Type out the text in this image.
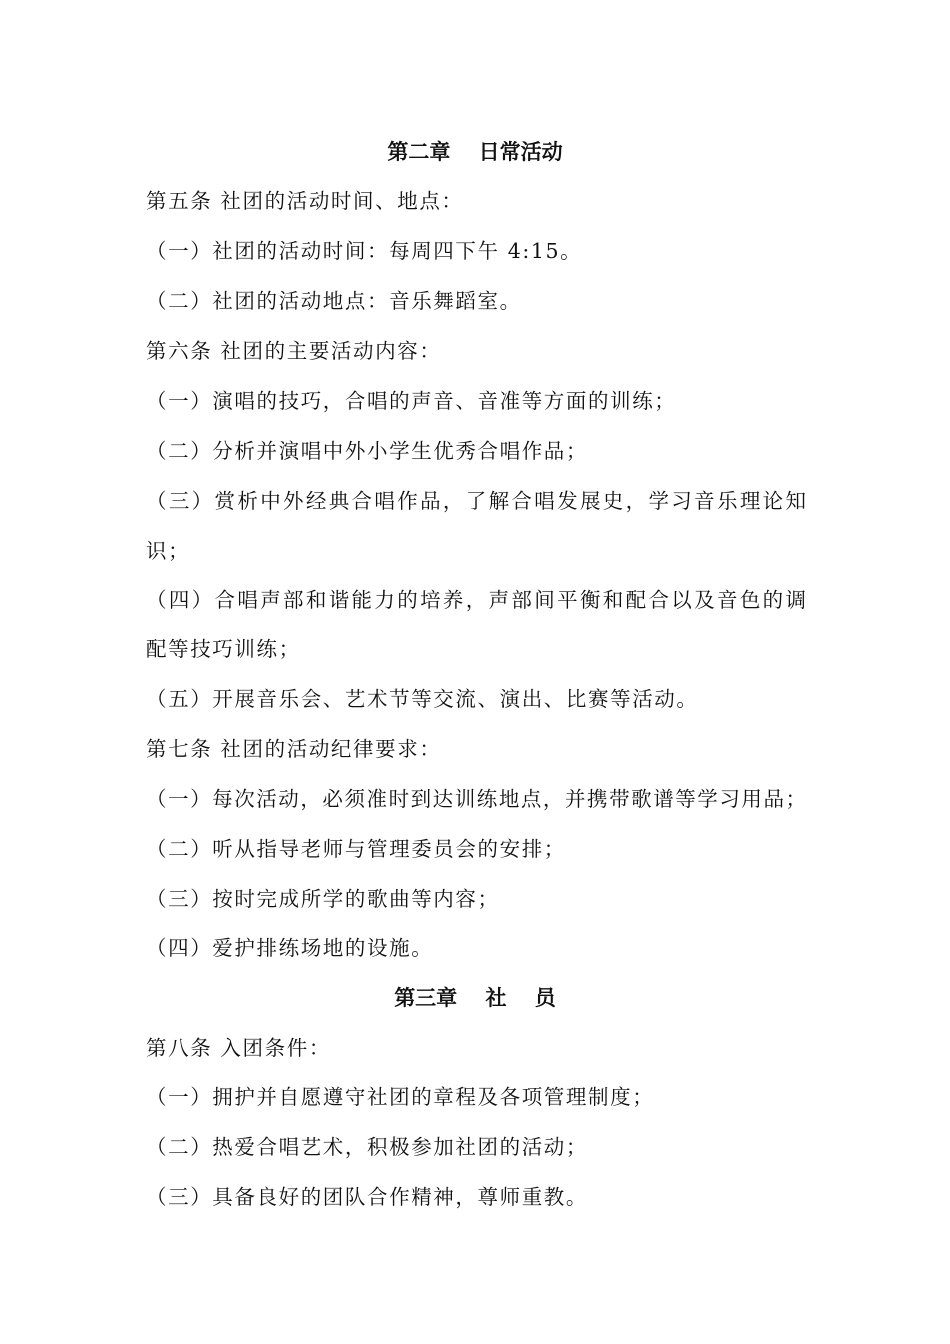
第二章　 日常活动
第五条 社团的活动时间、地点：
（一）社团的活动时间：每周四下午 4:15。
（二）社团的活动地点：音乐舞蹈室。
第六条 社团的主要活动内容：
（一）演唱的技巧，合唱的声音、音准等方面的训练；
（二）分析并演唱中外小学生优秀合唱作品；
（三）赏析中外经典合唱作品，了解合唱发展史，学习音乐理论知
识；
（四）合唱声部和谐能力的培养，声部间平衡和配合以及音色的调
配等技巧训练；
（五）开展音乐会、艺术节等交流、演出、比赛等活动。
第七条 社团的活动纪律要求：
（一）每次活动，必须准时到达训练地点，并携带歌谱等学习用品；
（二）听从指导老师与管理委员会的安排；
（三）按时完成所学的歌曲等内容；
（四）爱护排练场地的设施。
第三章　 社　 员
第八条 入团条件：
（一）拥护并自愿遵守社团的章程及各项管理制度；
（二）热爱合唱艺术，积极参加社团的活动；
（三）具备良好的团队合作精神，尊师重教。
